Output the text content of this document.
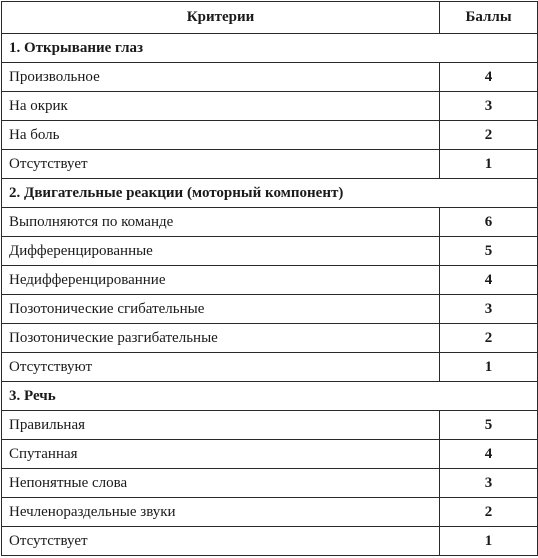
Критерии	Баллы
1. Открывание глаз	
Произвольное	4
На окрик	3
На боль	2
Отсутствует	1
2. Двигательные реакции (моторный компонент)	
Выполняются по команде	6
Дифференцированные	5
Недифференцированние	4
Позотонические сгибательные	3
Позотонические разгибательные	2
Отсутствуют	1
3. Речь	
Правильная	5
Спутанная	4
Непонятные слова	3
Нечленораздельные звуки	2
Отсутствует	1
